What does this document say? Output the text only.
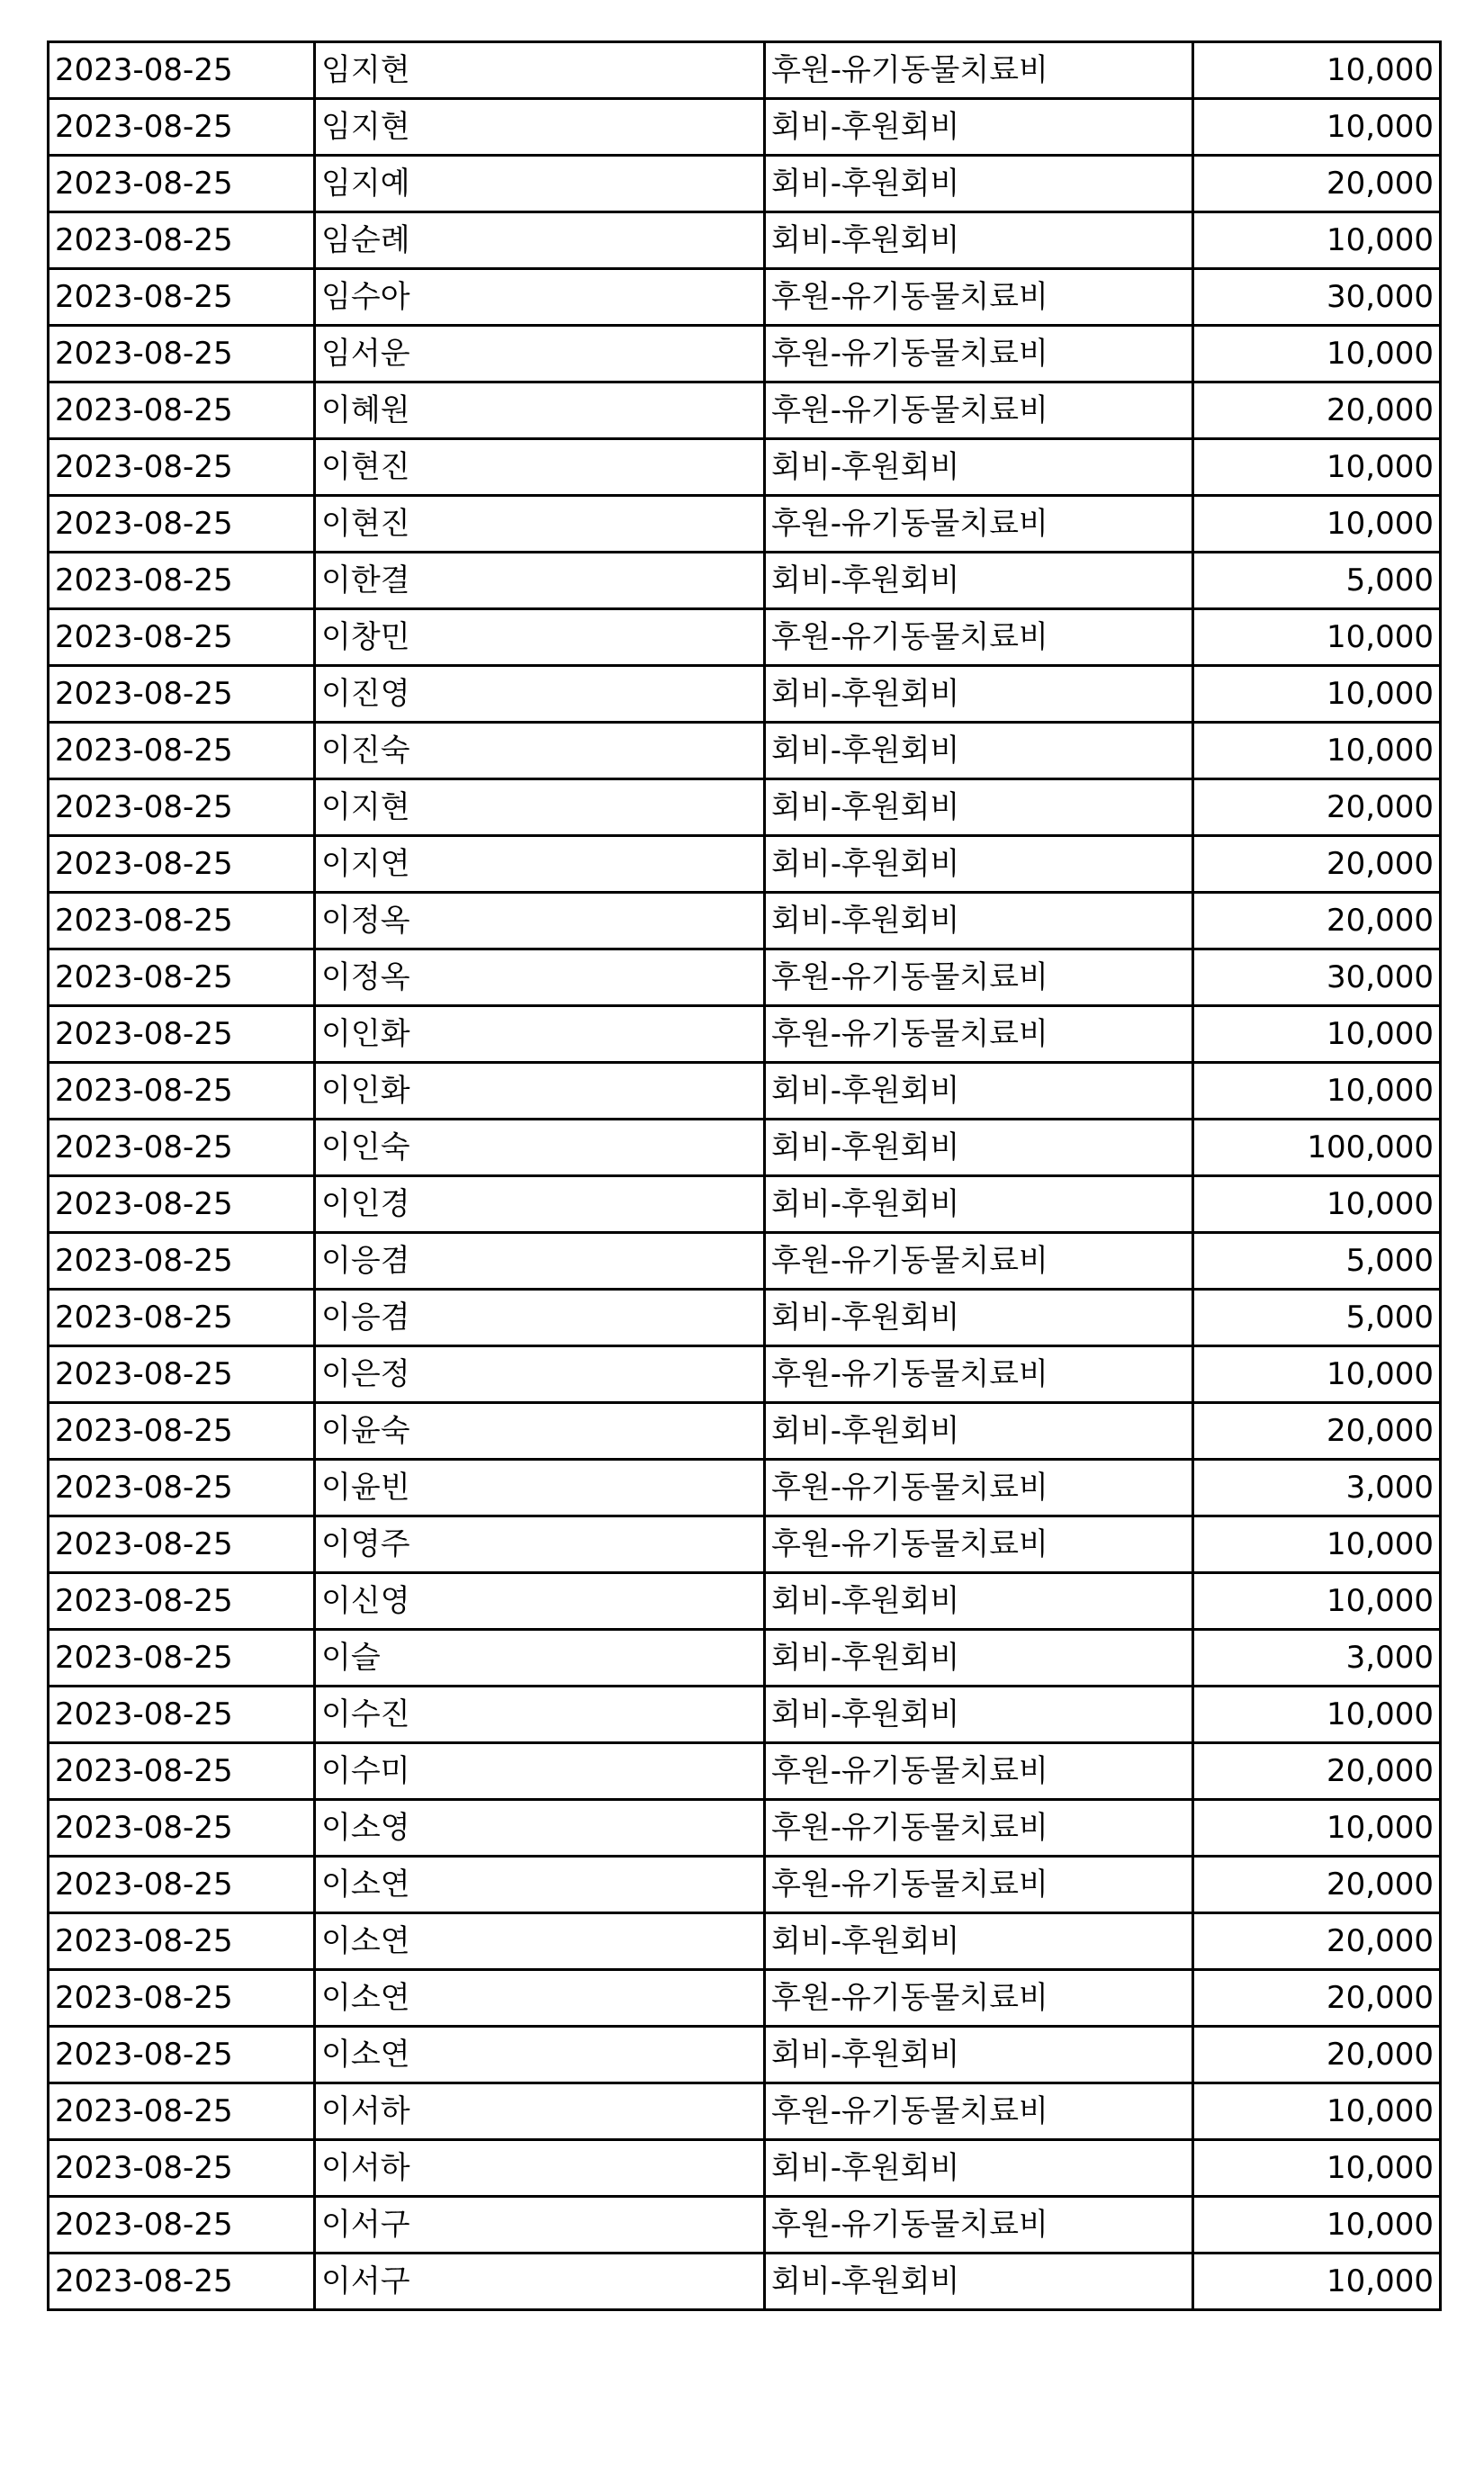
2023-08-25	임지현	후원-유기동물치료비	10,000
2023-08-25	임지현	회비-후원회비	10,000
2023-08-25	임지예	회비-후원회비	20,000
2023-08-25	임순례	회비-후원회비	10,000
2023-08-25	임수아	후원-유기동물치료비	30,000
2023-08-25	임서운	후원-유기동물치료비	10,000
2023-08-25	이혜원	후원-유기동물치료비	20,000
2023-08-25	이현진	회비-후원회비	10,000
2023-08-25	이현진	후원-유기동물치료비	10,000
2023-08-25	이한결	회비-후원회비	5,000
2023-08-25	이창민	후원-유기동물치료비	10,000
2023-08-25	이진영	회비-후원회비	10,000
2023-08-25	이진숙	회비-후원회비	10,000
2023-08-25	이지현	회비-후원회비	20,000
2023-08-25	이지연	회비-후원회비	20,000
2023-08-25	이정옥	회비-후원회비	20,000
2023-08-25	이정옥	후원-유기동물치료비	30,000
2023-08-25	이인화	후원-유기동물치료비	10,000
2023-08-25	이인화	회비-후원회비	10,000
2023-08-25	이인숙	회비-후원회비	100,000
2023-08-25	이인경	회비-후원회비	10,000
2023-08-25	이응겸	후원-유기동물치료비	5,000
2023-08-25	이응겸	회비-후원회비	5,000
2023-08-25	이은정	후원-유기동물치료비	10,000
2023-08-25	이윤숙	회비-후원회비	20,000
2023-08-25	이윤빈	후원-유기동물치료비	3,000
2023-08-25	이영주	후원-유기동물치료비	10,000
2023-08-25	이신영	회비-후원회비	10,000
2023-08-25	이슬	회비-후원회비	3,000
2023-08-25	이수진	회비-후원회비	10,000
2023-08-25	이수미	후원-유기동물치료비	20,000
2023-08-25	이소영	후원-유기동물치료비	10,000
2023-08-25	이소연	후원-유기동물치료비	20,000
2023-08-25	이소연	회비-후원회비	20,000
2023-08-25	이소연	후원-유기동물치료비	20,000
2023-08-25	이소연	회비-후원회비	20,000
2023-08-25	이서하	후원-유기동물치료비	10,000
2023-08-25	이서하	회비-후원회비	10,000
2023-08-25	이서구	후원-유기동물치료비	10,000
2023-08-25	이서구	회비-후원회비	10,000
